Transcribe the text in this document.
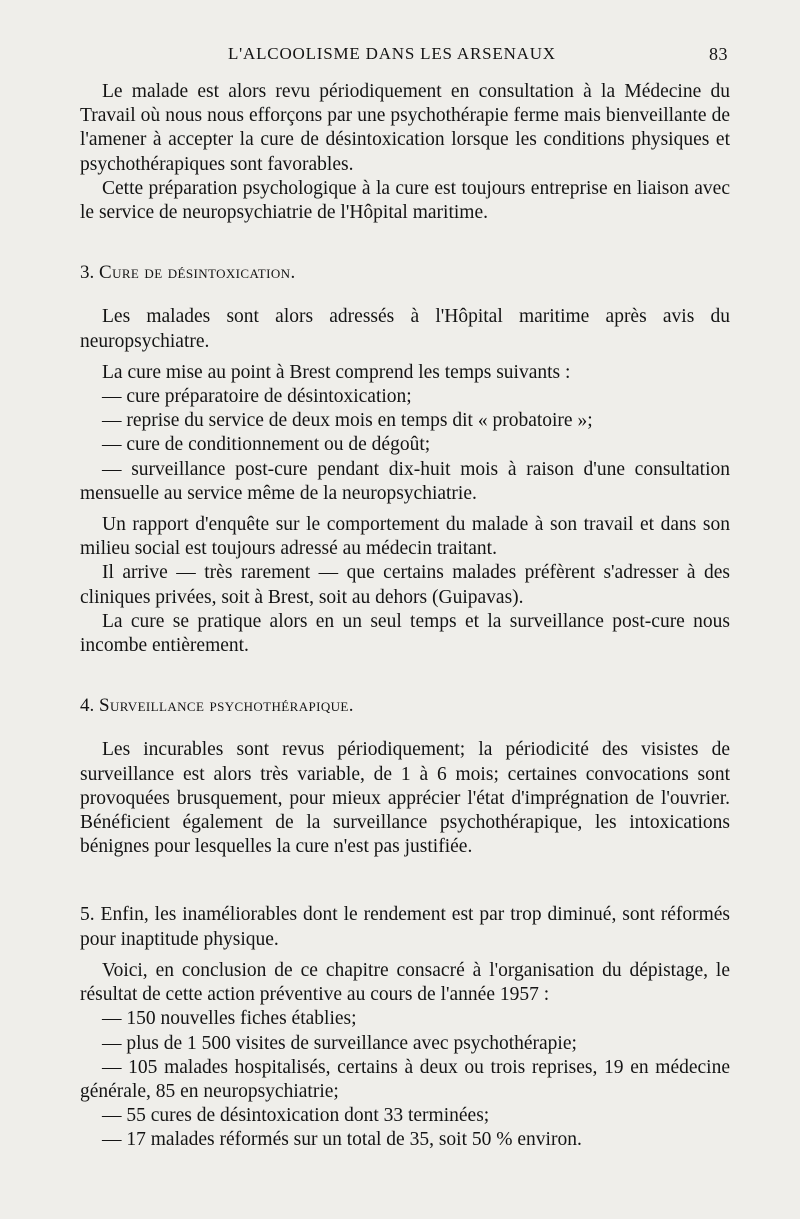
L'ALCOOLISME DANS LES ARSENAUX	83

Le malade est alors revu périodiquement en consultation à la Médecine du Travail où nous nous efforçons par une psychothérapie ferme mais bienveillante de l'amener à accepter la cure de désintoxication lorsque les conditions physiques et psychothérapiques sont favorables.

Cette préparation psychologique à la cure est toujours entreprise en liaison avec le service de neuropsychiatrie de l'Hôpital maritime.

3. Cure de désintoxication.

Les malades sont alors adressés à l'Hôpital maritime après avis du neuropsychiatre.

La cure mise au point à Brest comprend les temps suivants :

— cure préparatoire de désintoxication;

— reprise du service de deux mois en temps dit « probatoire »;

— cure de conditionnement ou de dégoût;

— surveillance post-cure pendant dix-huit mois à raison d'une consultation mensuelle au service même de la neuropsychiatrie.

Un rapport d'enquête sur le comportement du malade à son travail et dans son milieu social est toujours adressé au médecin traitant.

Il arrive — très rarement — que certains malades préfèrent s'adresser à des cliniques privées, soit à Brest, soit au dehors (Guipavas).

La cure se pratique alors en un seul temps et la surveillance post-cure nous incombe entièrement.

4. Surveillance psychothérapique.

Les incurables sont revus périodiquement; la périodicité des visistes de surveillance est alors très variable, de 1 à 6 mois; certaines convocations sont provoquées brusquement, pour mieux apprécier l'état d'imprégnation de l'ouvrier. Bénéficient également de la surveillance psychothérapique, les intoxications bénignes pour lesquelles la cure n'est pas justifiée.

5. Enfin, les inaméliorables dont le rendement est par trop diminué, sont réformés pour inaptitude physique.

Voici, en conclusion de ce chapitre consacré à l'organisation du dépistage, le résultat de cette action préventive au cours de l'année 1957 :

— 150 nouvelles fiches établies;

— plus de 1 500 visites de surveillance avec psychothérapie;

— 105 malades hospitalisés, certains à deux ou trois reprises, 19 en médecine générale, 85 en neuropsychiatrie;

— 55 cures de désintoxication dont 33 terminées;

— 17 malades réformés sur un total de 35, soit 50 % environ.
